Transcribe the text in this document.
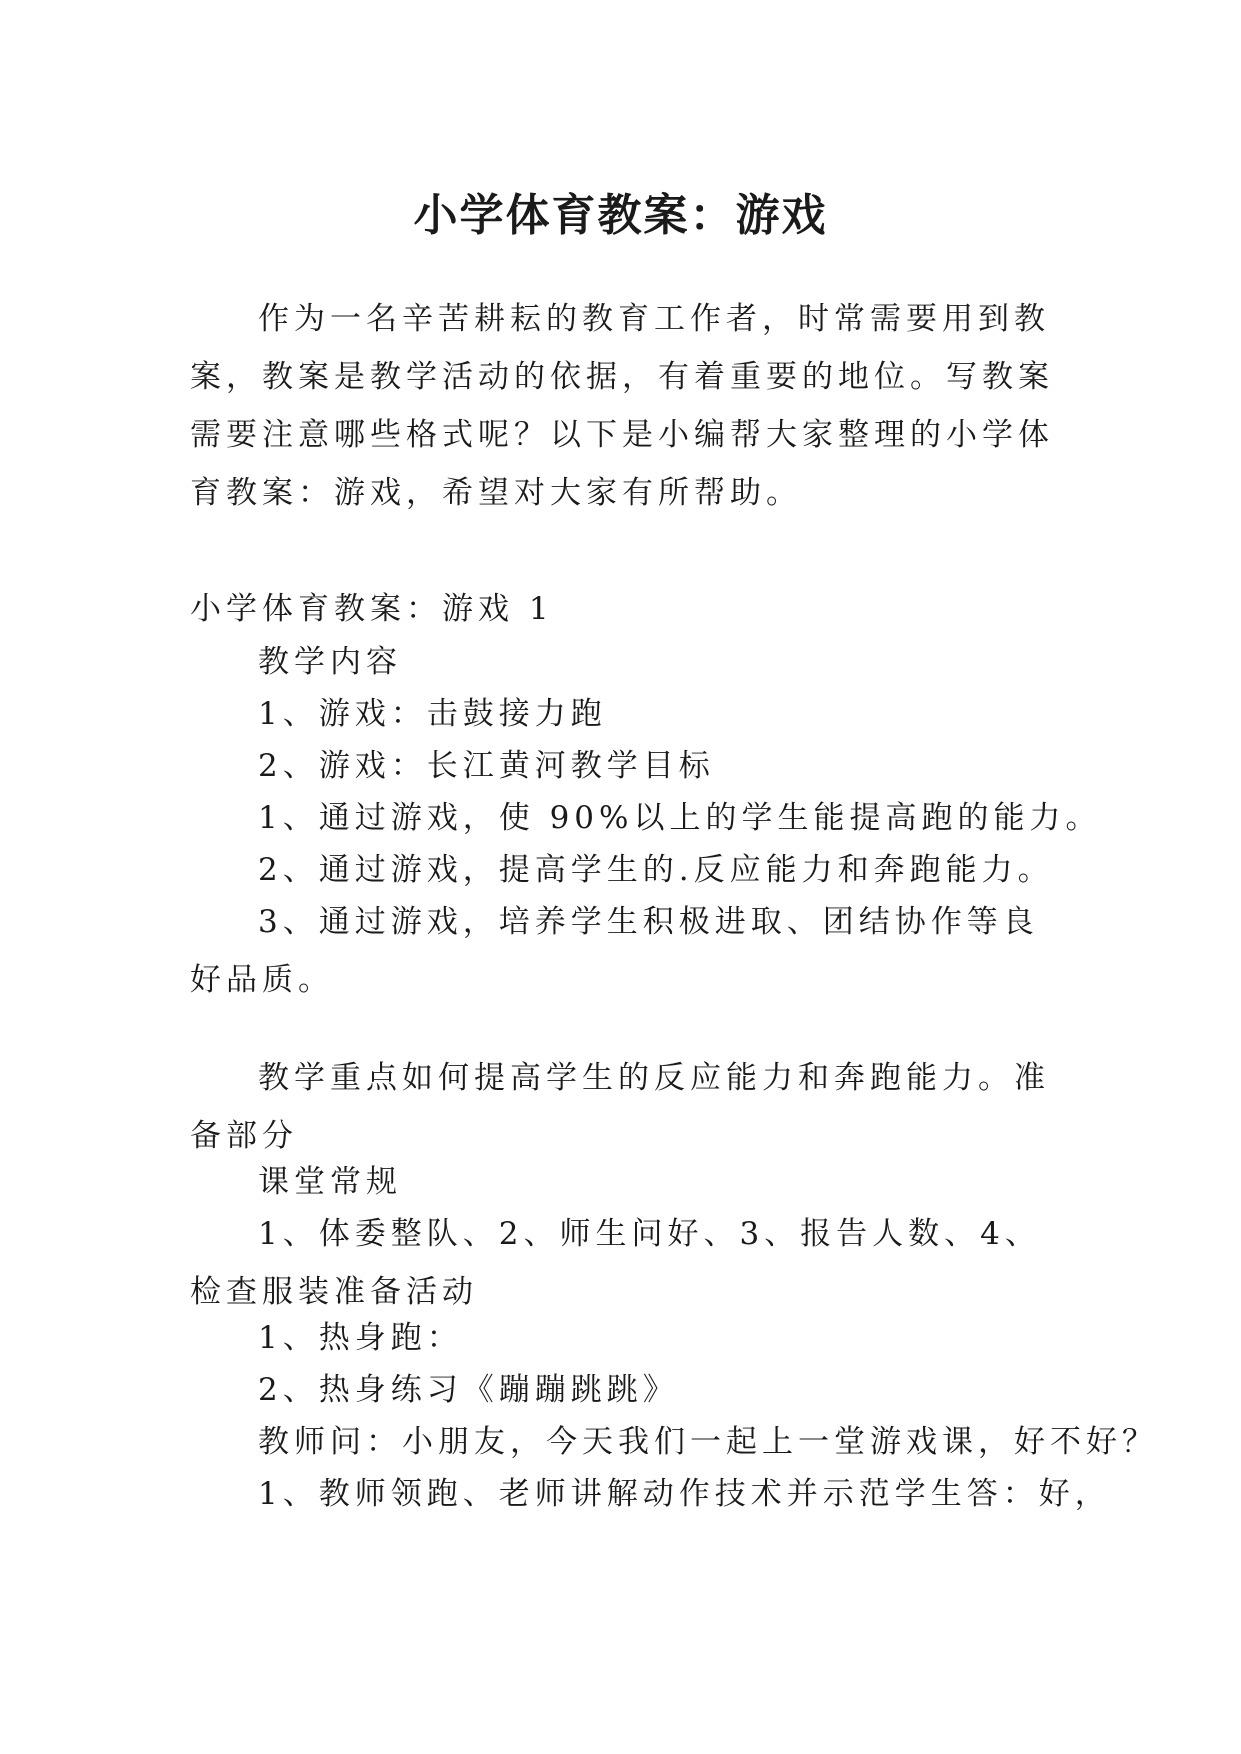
小学体育教案：游戏

作为一名辛苦耕耘的教育工作者，时常需要用到教案，教案是教学活动的依据，有着重要的地位。写教案需要注意哪些格式呢？以下是小编帮大家整理的小学体育教案：游戏，希望对大家有所帮助。

小学体育教案：游戏 1

教学内容

1、游戏：击鼓接力跑

2、游戏：长江黄河教学目标

1、通过游戏，使 90%以上的学生能提高跑的能力。

2、通过游戏，提高学生的.反应能力和奔跑能力。

3、通过游戏，培养学生积极进取、团结协作等良好品质。

教学重点如何提高学生的反应能力和奔跑能力。准备部分

课堂常规

1、体委整队、2、师生问好、3、报告人数、4、检查服装准备活动

1、热身跑：

2、热身练习《蹦蹦跳跳》

教师问：小朋友，今天我们一起上一堂游戏课，好不好？

1、教师领跑、老师讲解动作技术并示范学生答：好，
